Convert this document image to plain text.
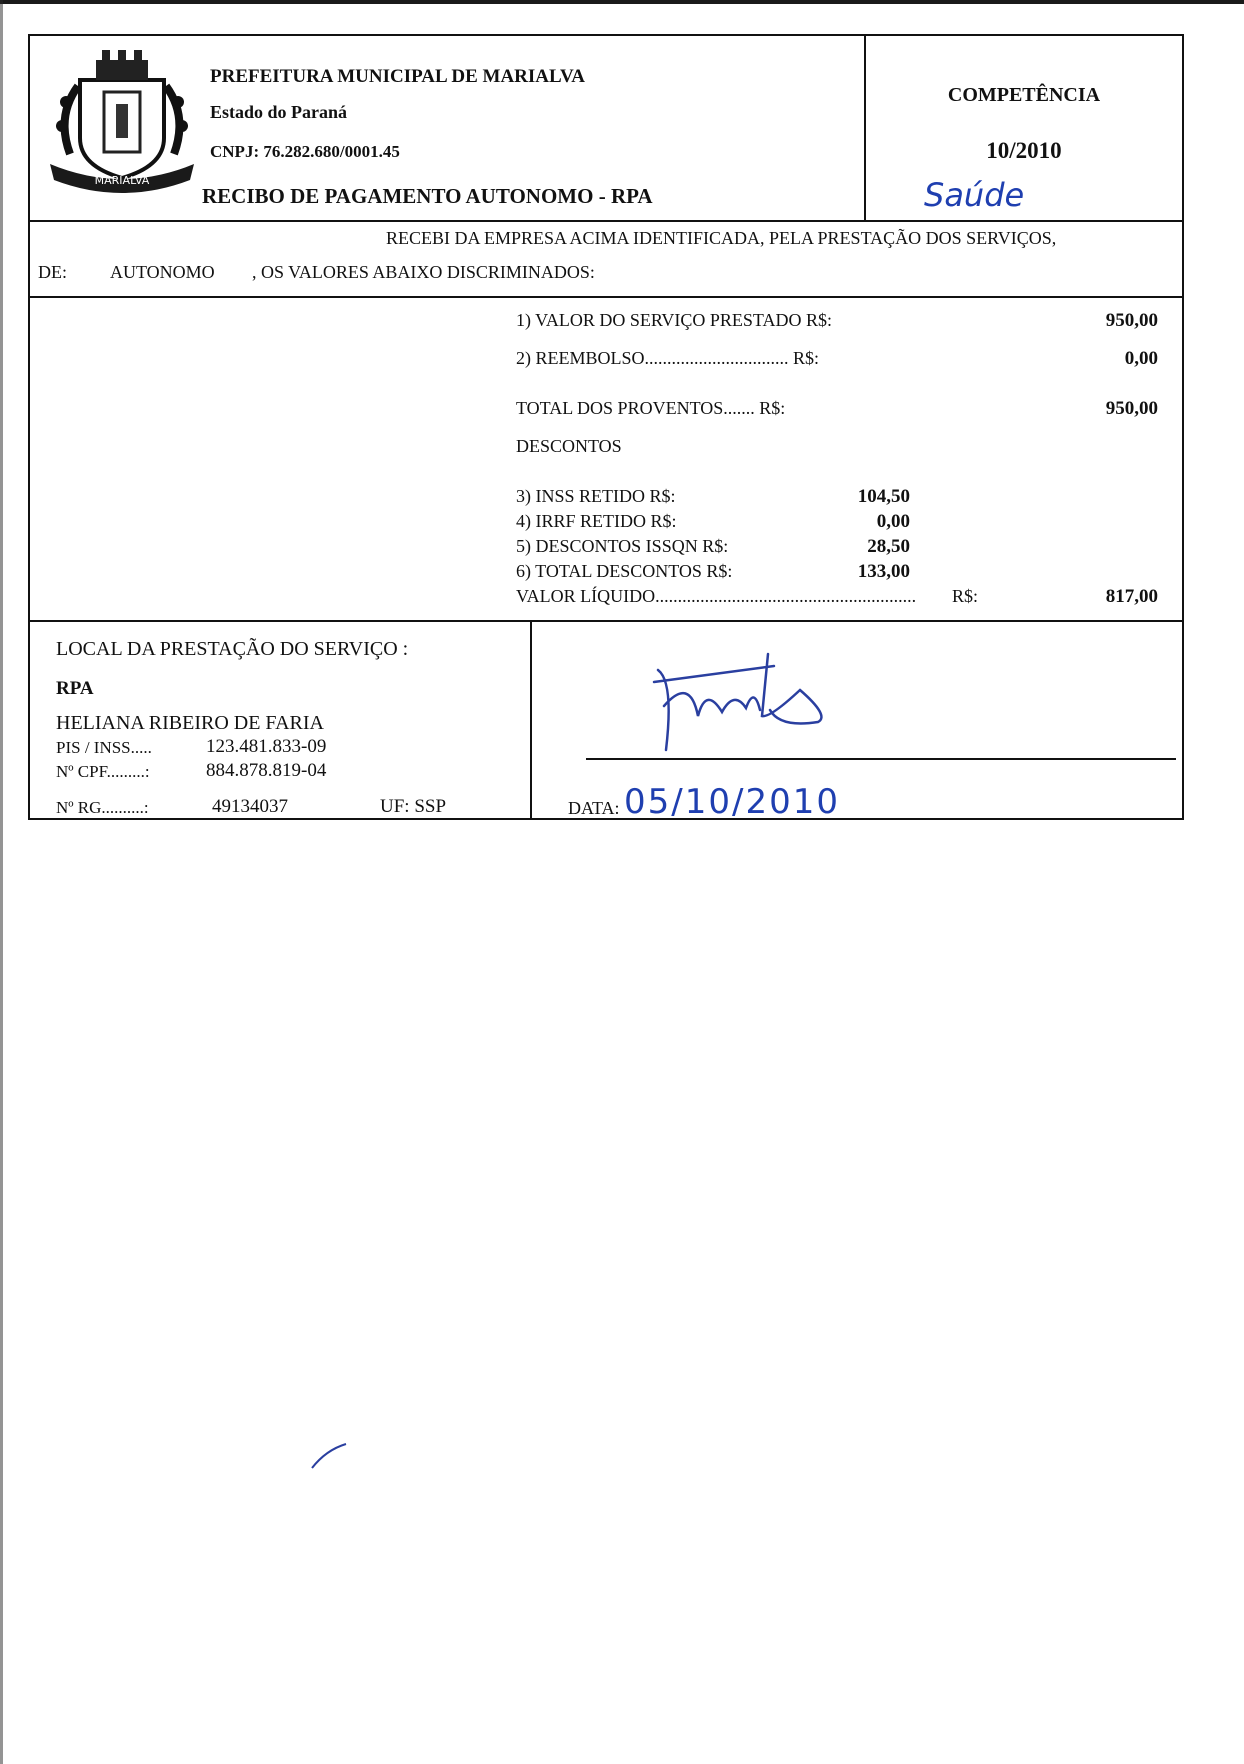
MARIALVA
PREFEITURA MUNICIPAL DE MARIALVA
Estado do Paraná
CNPJ: 76.282.680/0001.45
RECIBO DE PAGAMENTO AUTONOMO - RPA
COMPETÊNCIA
10/2010
Saúde
RECEBI DA EMPRESA ACIMA IDENTIFICADA, PELA PRESTAÇÃO DOS SERVIÇOS,
DE: AUTONOMO , OS VALORES ABAIXO DISCRIMINADOS:
1) VALOR DO SERVIÇO PRESTADO R$:	950,00
2) REEMBOLSO................................ R$:	0,00
TOTAL DOS PROVENTOS....... R$:	950,00
DESCONTOS
3) INSS RETIDO R$:	104,50
4) IRRF RETIDO R$:	0,00
5) DESCONTOS ISSQN R$:	28,50
6) TOTAL DESCONTOS R$:	133,00
VALOR LÍQUIDO.......................................................... R$:	817,00
LOCAL DA PRESTAÇÃO DO SERVIÇO :
RPA
HELIANA RIBEIRO DE FARIA
PIS / INSS.....	123.481.833-09
Nº CPF.........:	884.878.819-04
Nº RG..........:	49134037	UF: SSP	DATA: 05/10/2010
